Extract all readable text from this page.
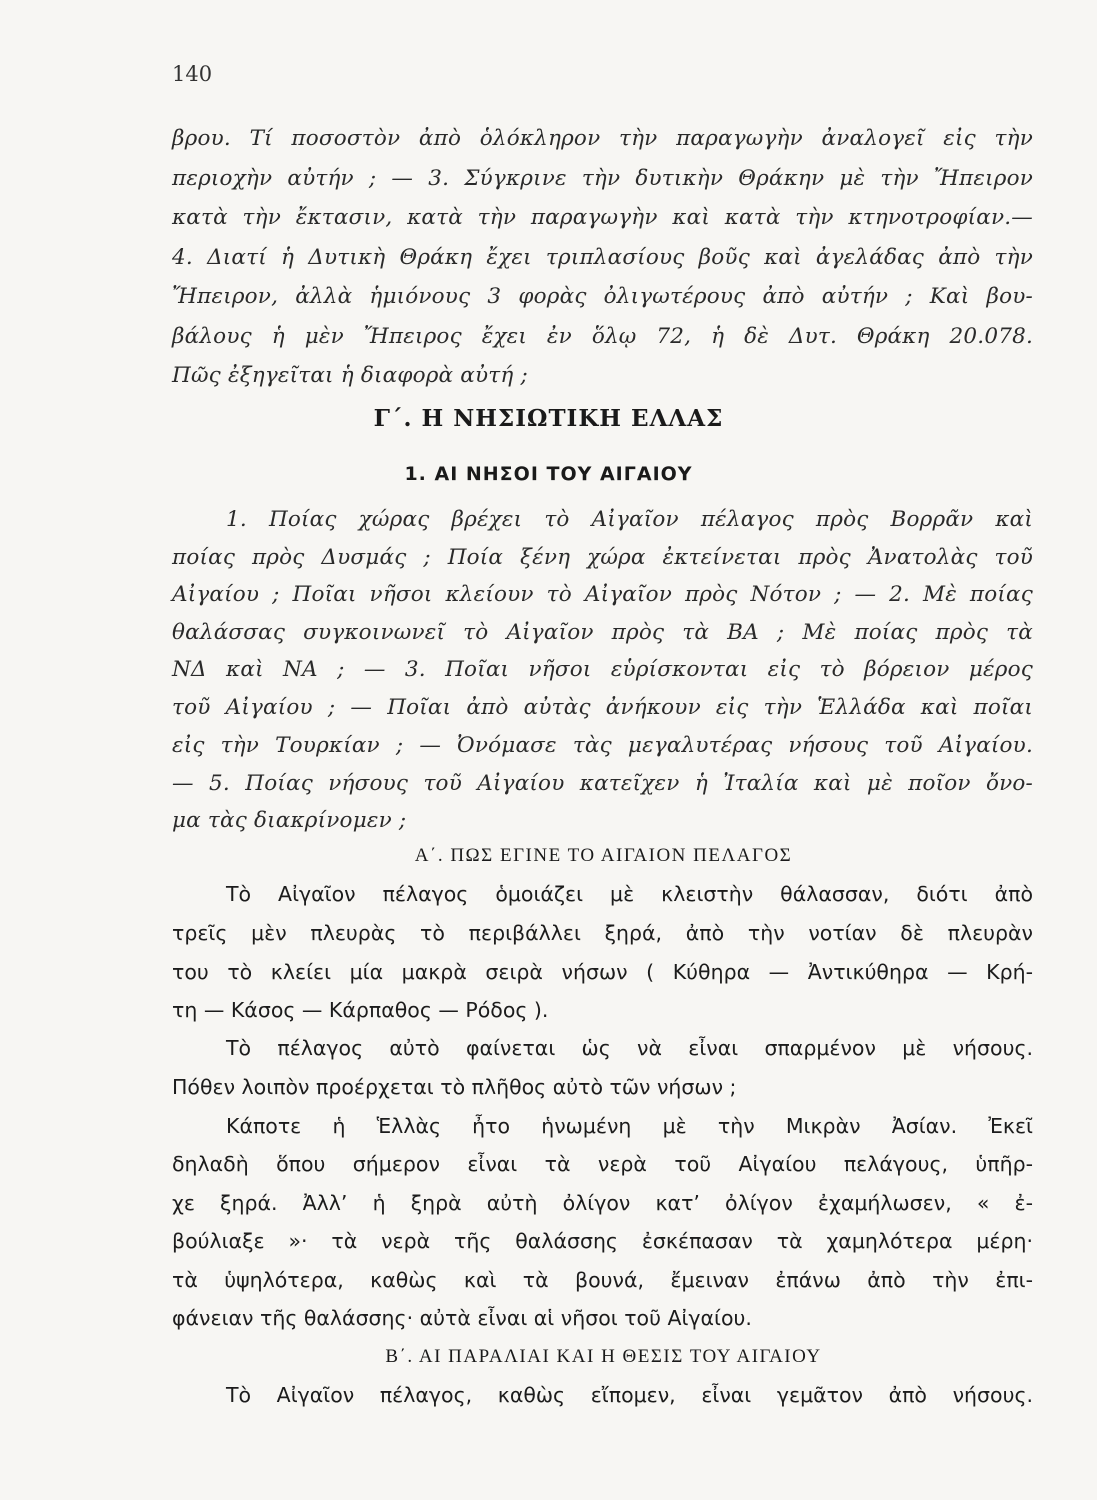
140
βρου. Τί ποσοστὸν ἀπὸ ὁλόκληρον τὴν παραγωγὴν ἀναλογεῖ εἰς τὴν
περιοχὴν αὐτήν ; — 3. Σύγκρινε τὴν δυτικὴν Θράκην μὲ τὴν Ἤπειρον
κατὰ τὴν ἔκτασιν, κατὰ τὴν παραγωγὴν καὶ κατὰ τὴν κτηνοτροφίαν.—
4. Διατί ἡ Δυτικὴ Θράκη ἔχει τριπλασίους βοῦς καὶ ἀγελάδας ἀπὸ τὴν
Ἤπειρον, ἀλλὰ ἡμιόνους 3 φορὰς ὀλιγωτέρους ἀπὸ αὐτήν ; Καὶ βου-
βάλους ἡ μὲν Ἤπειρος ἔχει ἐν ὅλῳ 72, ἡ δὲ Δυτ. Θράκη 20.078.
Πῶς ἐξηγεῖται ἡ διαφορὰ αὐτή ;
Γ΄. Η ΝΗΣΙΩΤΙΚΗ ΕΛΛΑΣ
1. ΑΙ ΝΗΣΟΙ ΤΟΥ ΑΙΓΑΙΟΥ
1. Ποίας χώρας βρέχει τὸ Αἰγαῖον πέλαγος πρὸς Βορρᾶν καὶ
ποίας πρὸς Δυσμάς ; Ποία ξένη χώρα ἐκτείνεται πρὸς Ἀνατολὰς τοῦ
Αἰγαίου ; Ποῖαι νῆσοι κλείουν τὸ Αἰγαῖον πρὸς Νότον ; — 2. Μὲ ποίας
θαλάσσας συγκοινωνεῖ τὸ Αἰγαῖον πρὸς τὰ ΒΑ ; Μὲ ποίας πρὸς τὰ
ΝΔ καὶ ΝΑ ; — 3. Ποῖαι νῆσοι εὑρίσκονται εἰς τὸ βόρειον μέρος
τοῦ Αἰγαίου ; — Ποῖαι ἀπὸ αὐτὰς ἀνήκουν εἰς τὴν Ἑλλάδα καὶ ποῖαι
εἰς τὴν Τουρκίαν ; — Ὀνόμασε τὰς μεγαλυτέρας νήσους τοῦ Αἰγαίου.
— 5. Ποίας νήσους τοῦ Αἰγαίου κατεῖχεν ἡ Ἰταλία καὶ μὲ ποῖον ὄνο-
μα τὰς διακρίνομεν ;
Α΄. ΠΩΣ ΕΓΙΝΕ ΤΟ ΑΙΓΑΙΟΝ ΠΕΛΑΓΟΣ
Τὸ Αἰγαῖον πέλαγος ὁμοιάζει μὲ κλειστὴν θάλασσαν, διότι ἀπὸ
τρεῖς μὲν πλευρὰς τὸ περιβάλλει ξηρά, ἀπὸ τὴν νοτίαν δὲ πλευρὰν
του τὸ κλείει μία μακρὰ σειρὰ νήσων ( Κύθηρα — Ἀντικύθηρα — Κρή-
τη — Κάσος — Κάρπαθος — Ρόδος ).
Τὸ πέλαγος αὐτὸ φαίνεται ὡς νὰ εἶναι σπαρμένον μὲ νήσους.
Πόθεν λοιπὸν προέρχεται τὸ πλῆθος αὐτὸ τῶν νήσων ;
Κάποτε ἡ Ἑλλὰς ἦτο ἡνωμένη μὲ τὴν Μικρὰν Ἀσίαν. Ἐκεῖ
δηλαδὴ ὅπου σήμερον εἶναι τὰ νερὰ τοῦ Αἰγαίου πελάγους, ὑπῆρ-
χε ξηρά. Ἀλλ’ ἡ ξηρὰ αὐτὴ ὀλίγον κατ’ ὀλίγον ἐχαμήλωσεν, « ἐ-
βούλιαξε »· τὰ νερὰ τῆς θαλάσσης ἐσκέπασαν τὰ χαμηλότερα μέρη·
τὰ ὑψηλότερα, καθὼς καὶ τὰ βουνά, ἔμειναν ἐπάνω ἀπὸ τὴν ἐπι-
φάνειαν τῆς θαλάσσης· αὐτὰ εἶναι αἱ νῆσοι τοῦ Αἰγαίου.
Β΄. ΑΙ ΠΑΡΑΛΙΑΙ ΚΑΙ Η ΘΕΣΙΣ ΤΟΥ ΑΙΓΑΙΟΥ
Τὸ Αἰγαῖον πέλαγος, καθὼς εἴπομεν, εἶναι γεμᾶτον ἀπὸ νήσους.
